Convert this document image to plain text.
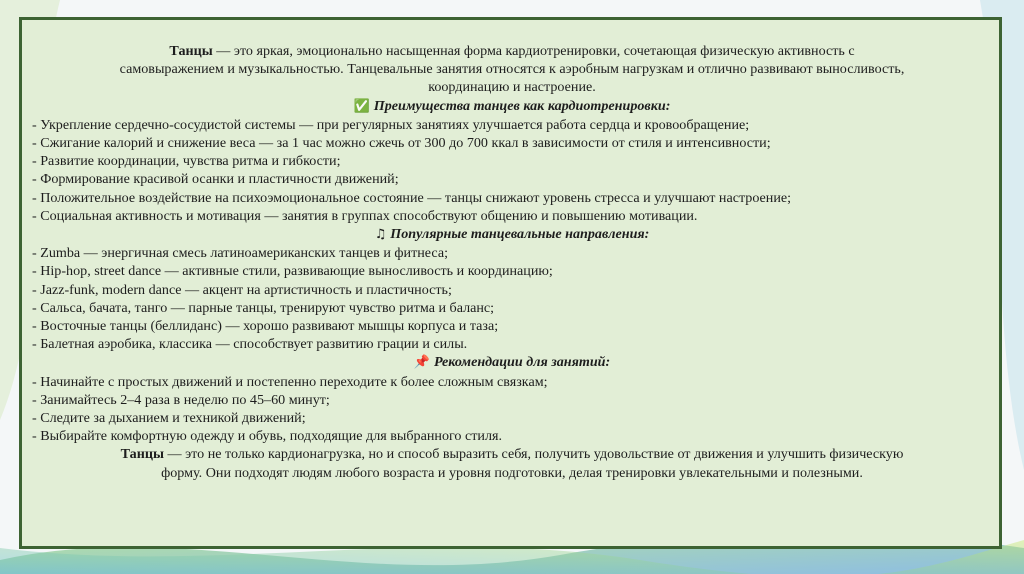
Танцы — это яркая, эмоционально насыщенная форма кардиотренировки, сочетающая физическую активность с
самовыражением и музыкальностью. Танцевальные занятия относятся к аэробным нагрузкам и отлично развивают выносливость,
координацию и настроение.
✅ Преимущества танцев как кардиотренировки:
- Укрепление сердечно-сосудистой системы — при регулярных занятиях улучшается работа сердца и кровообращение;
- Сжигание калорий и снижение веса — за 1 час можно сжечь от 300 до 700 ккал в зависимости от стиля и интенсивности;
- Развитие координации, чувства ритма и гибкости;
- Формирование красивой осанки и пластичности движений;
- Положительное воздействие на психоэмоциональное состояние — танцы снижают уровень стресса и улучшают настроение;
- Социальная активность и мотивация — занятия в группах способствуют общению и повышению мотивации.
♫ Популярные танцевальные направления:
- Zumba — энергичная смесь латиноамериканских танцев и фитнеса;
- Hip-hop, street dance — активные стили, развивающие выносливость и координацию;
- Jazz-funk, modern dance — акцент на артистичность и пластичность;
- Сальса, бачата, танго — парные танцы, тренируют чувство ритма и баланс;
- Восточные танцы (беллиданс) — хорошо развивают мышцы корпуса и таза;
- Балетная аэробика, классика — способствует развитию грации и силы.
📌 Рекомендации для занятий:
- Начинайте с простых движений и постепенно переходите к более сложным связкам;
- Занимайтесь 2–4 раза в неделю по 45–60 минут;
- Следите за дыханием и техникой движений;
- Выбирайте комфортную одежду и обувь, подходящие для выбранного стиля.
Танцы — это не только кардионагрузка, но и способ выразить себя, получить удовольствие от движения и улучшить физическую
форму. Они подходят людям любого возраста и уровня подготовки, делая тренировки увлекательными и полезными.
